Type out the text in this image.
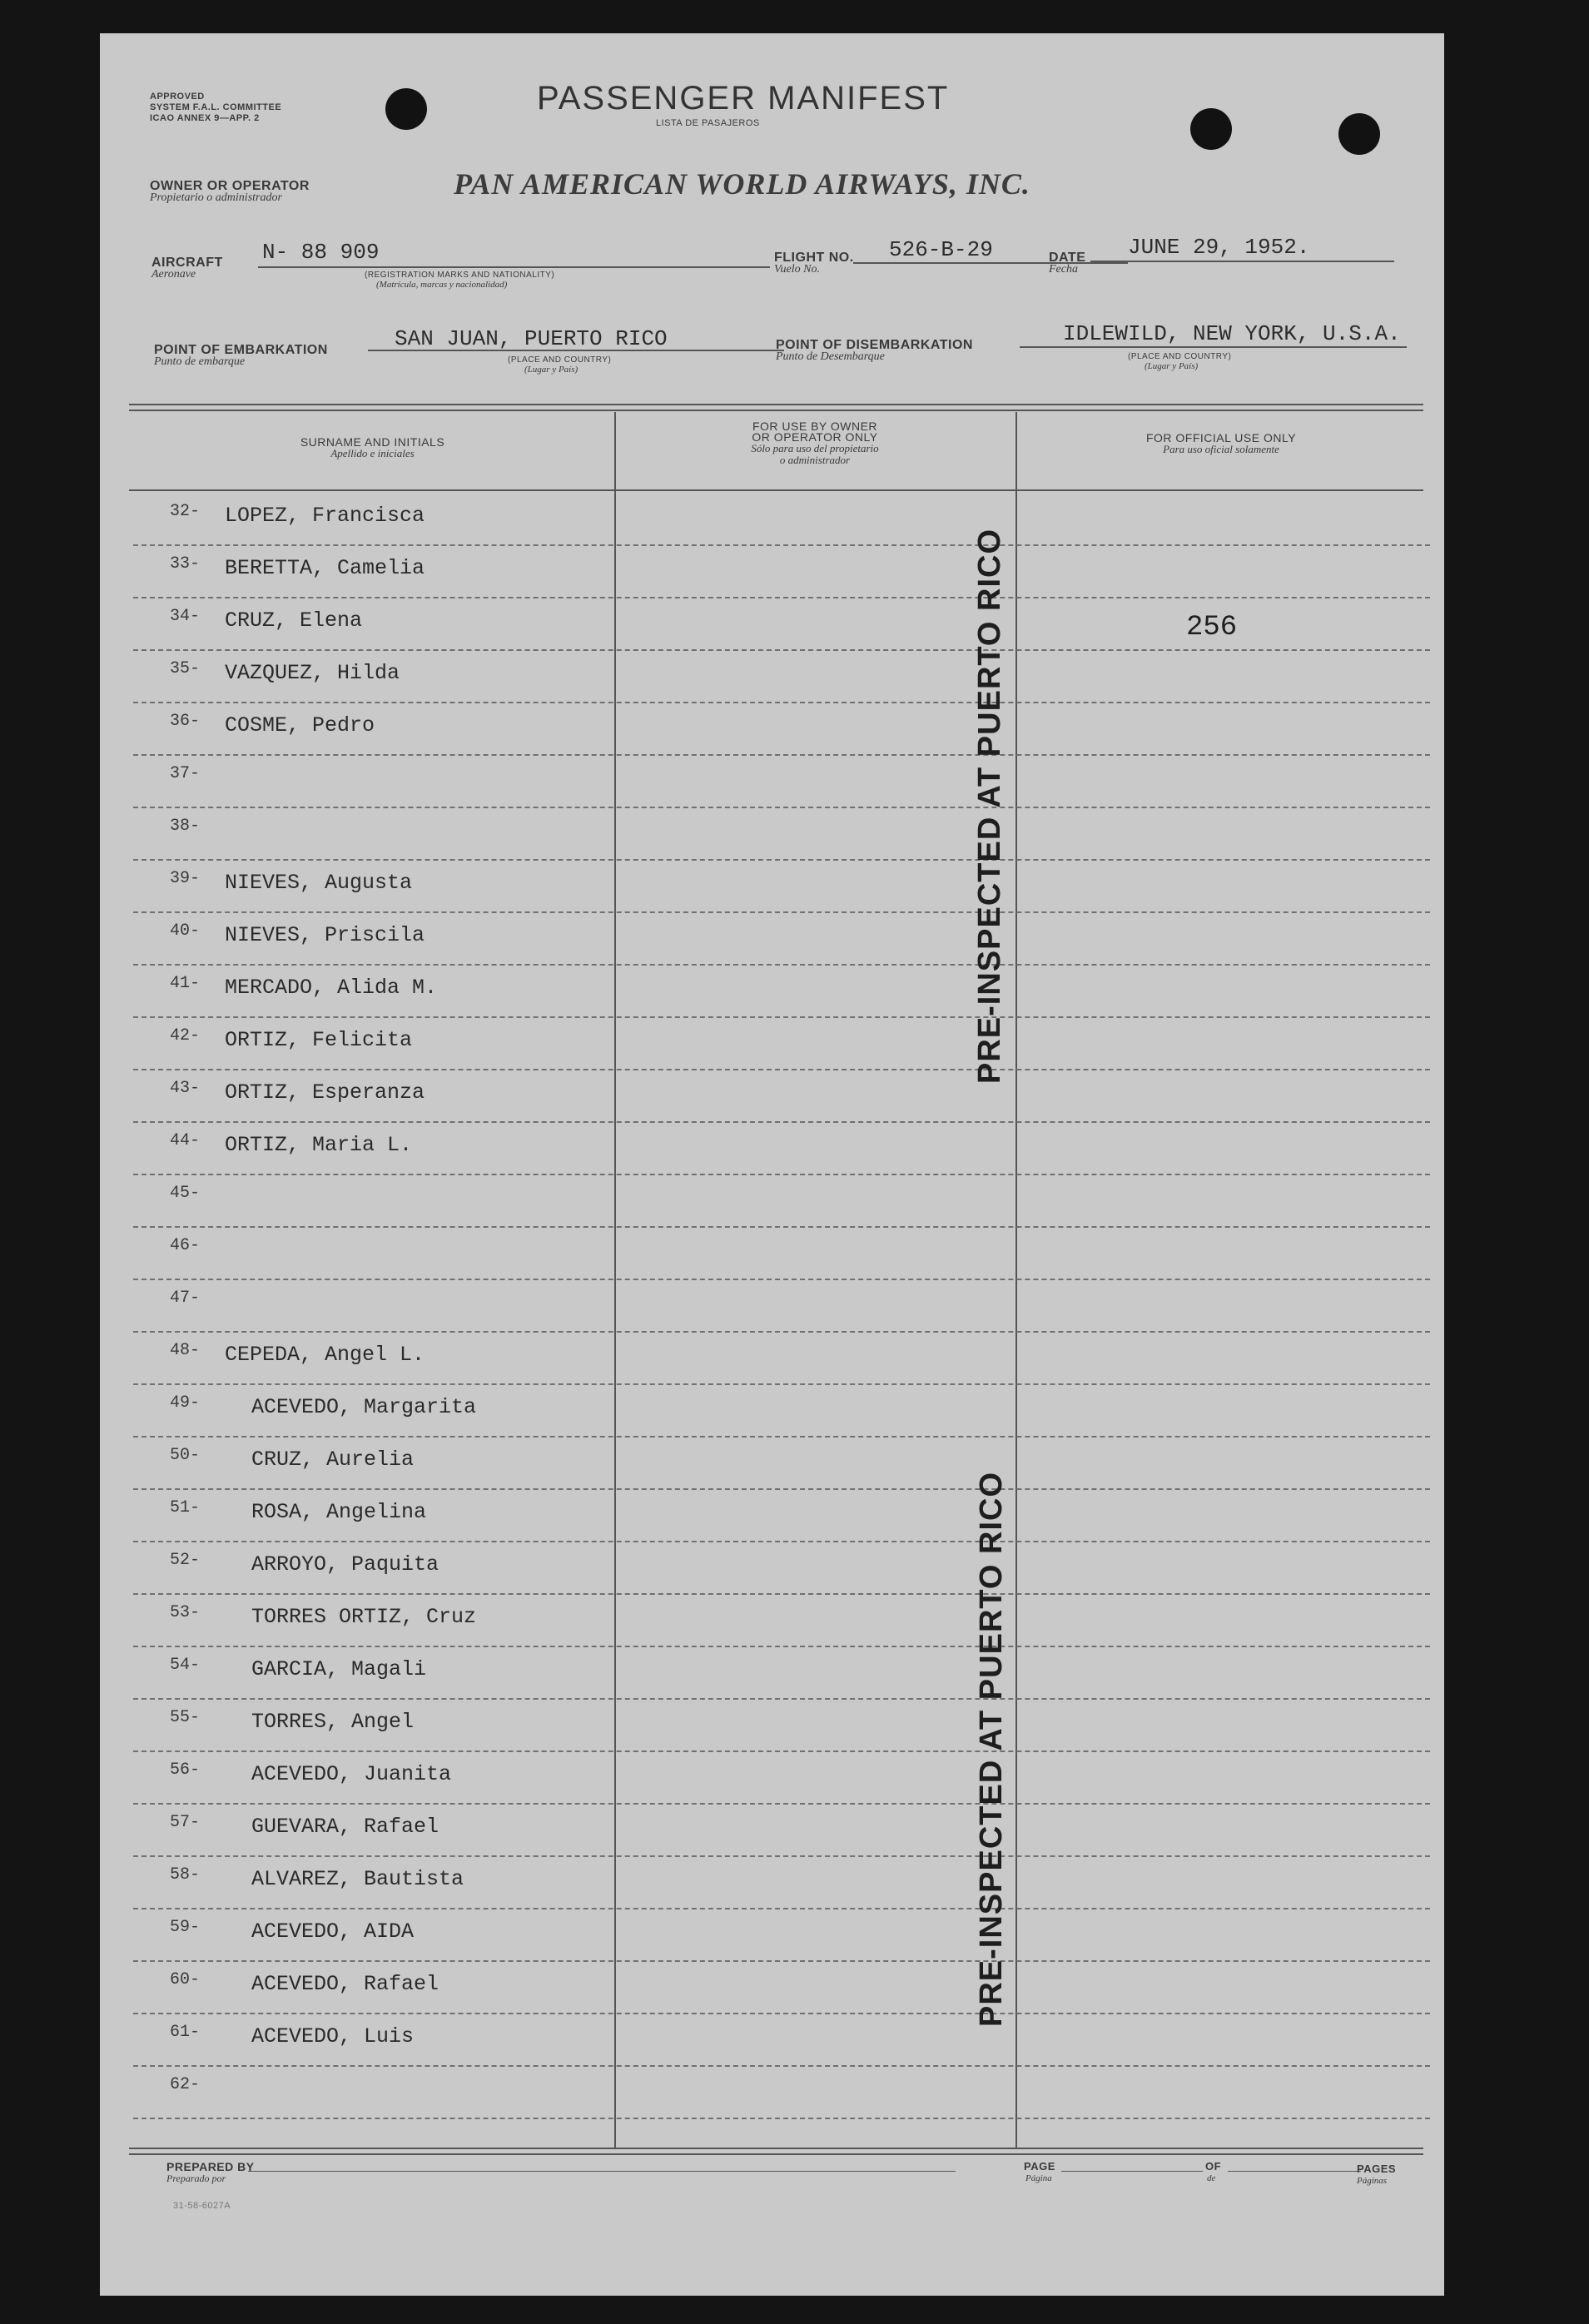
APPROVED
SYSTEM F.A.L. COMMITTEE
ICAO ANNEX 9—APP. 2
PASSENGER MANIFEST
LISTA DE PASAJEROS
OWNER OR OPERATOR
Propietario o administrador	PAN AMERICAN WORLD AIRWAYS, INC.
AIRCRAFT
Aeronave
N- 88 909
(REGISTRATION MARKS AND NATIONALITY)
(Matrícula, marcas y nacionalidad)
FLIGHT NO.
Vuelo No.
526-B-29	DATE
Fecha
JUNE 29, 1952.
POINT OF EMBARKATION
Punto de embarque
SAN JUAN, PUERTO RICO
(PLACE AND COUNTRY)
(Lugar y País)
POINT OF DISEMBARKATION
Punto de Desembarque
IDLEWILD, NEW YORK, U.S.A.
(PLACE AND COUNTRY)
(Lugar y País)
SURNAME AND INITIALS
Apellido e iniciales
FOR USE BY OWNER
OR OPERATOR ONLY
Sólo para uso del propietario
o administrador
FOR OFFICIAL USE ONLY
Para uso oficial solamente
32- LOPEZ, Francisca
33- BERETTA, Camelia
34- CRUZ, Elena
35- VAZQUEZ, Hilda
36- COSME, Pedro
37-
38-
39- NIEVES, Augusta
40- NIEVES, Priscila
41- MERCADO, Alida M.
42- ORTIZ, Felicita
43- ORTIZ, Esperanza
44- ORTIZ, Maria L.
45-
46-
47-
48- CEPEDA, Angel L.
49- ACEVEDO, Margarita
50- CRUZ, Aurelia
51- ROSA, Angelina
52- ARROYO, Paquita
53- TORRES ORTIZ, Cruz
54- GARCIA, Magali
55- TORRES, Angel
56- ACEVEDO, Juanita
57- GUEVARA, Rafael
58- ALVAREZ, Bautista
59- ACEVEDO, AIDA
60- ACEVEDO, Rafael
61- ACEVEDO, Luis
62-
256
PRE-INSPECTED AT PUERTO RICO
PRE-INSPECTED AT PUERTO RICO
PREPARED BY
Preparado por
PAGE
Página
OF
de
PAGES
Páginas
31-58-6027A
